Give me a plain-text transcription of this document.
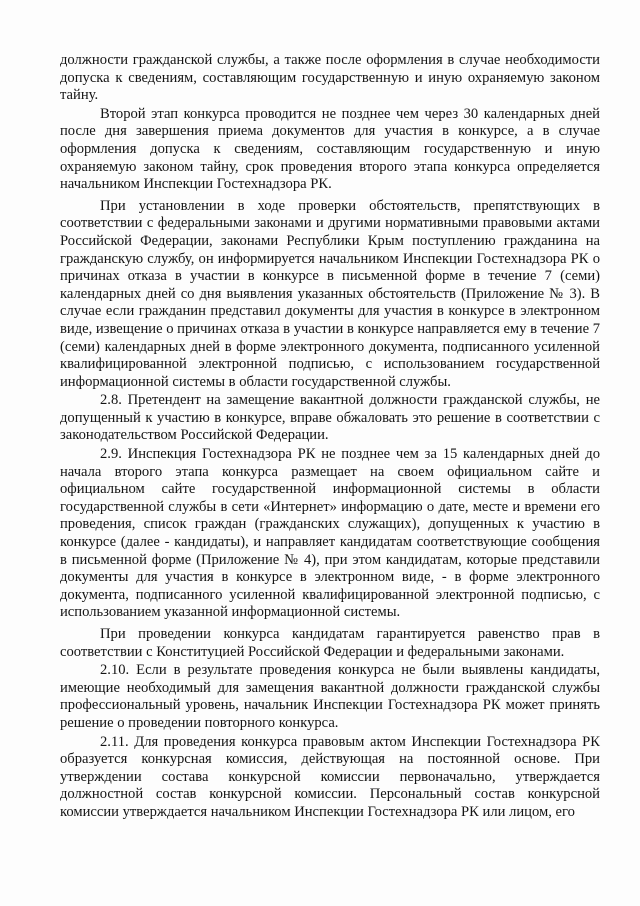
должности гражданской службы, а также после оформления в случае необходимости допуска к сведениям, составляющим государственную и иную охраняемую законом тайну.

Второй этап конкурса проводится не позднее чем через 30 календарных дней после дня завершения приема документов для участия в конкурсе, а в случае оформления допуска к сведениям, составляющим государственную и иную охраняемую законом тайну, срок проведения второго этапа конкурса определяется начальником Инспекции Гостехнадзора РК.

При установлении в ходе проверки обстоятельств, препятствующих в соответствии с федеральными законами и другими нормативными правовыми актами Российской Федерации, законами Республики Крым поступлению гражданина на гражданскую службу, он информируется начальником Инспекции Гостехнадзора РК о причинах отказа в участии в конкурсе в письменной форме в течение 7 (семи) календарных дней со дня выявления указанных обстоятельств (Приложение № 3). В случае если гражданин представил документы для участия в конкурсе в электронном виде, извещение о причинах отказа в участии в конкурсе направляется ему в течение 7 (семи) календарных дней в форме электронного документа, подписанного усиленной квалифицированной электронной подписью, с использованием государственной информационной системы в области государственной службы.

2.8. Претендент на замещение вакантной должности гражданской службы, не допущенный к участию в конкурсе, вправе обжаловать это решение в соответствии с законодательством Российской Федерации.

2.9. Инспекция Гостехнадзора РК не позднее чем за 15 календарных дней до начала второго этапа конкурса размещает на своем официальном сайте и официальном сайте государственной информационной системы в области государственной службы в сети «Интернет» информацию о дате, месте и времени его проведения, список граждан (гражданских служащих), допущенных к участию в конкурсе (далее - кандидаты), и направляет кандидатам соответствующие сообщения в письменной форме (Приложение № 4), при этом кандидатам, которые представили документы для участия в конкурсе в электронном виде, - в форме электронного документа, подписанного усиленной квалифицированной электронной подписью, с использованием указанной информационной системы.

При проведении конкурса кандидатам гарантируется равенство прав в соответствии с Конституцией Российской Федерации и федеральными законами.

2.10. Если в результате проведения конкурса не были выявлены кандидаты, имеющие необходимый для замещения вакантной должности гражданской службы профессиональный уровень, начальник Инспекции Гостехнадзора РК может принять решение о проведении повторного конкурса.

2.11. Для проведения конкурса правовым актом Инспекции Гостехнадзора РК образуется конкурсная комиссия, действующая на постоянной основе. При утверждении состава конкурсной комиссии первоначально, утверждается должностной состав конкурсной комиссии. Персональный состав конкурсной комиссии утверждается начальником Инспекции Гостехнадзора РК или лицом, его
